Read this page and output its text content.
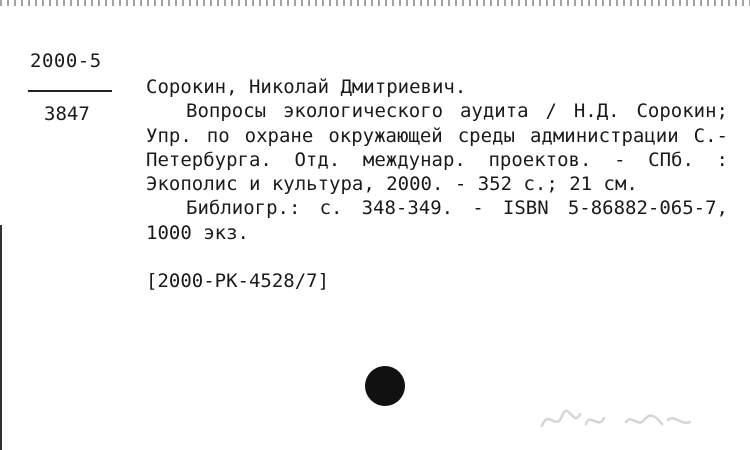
2000-5
3847

Сорокин, Николай Дмитриевич.

Вопросы экологического аудита / Н.Д. Сорокин; Упр. по охране окружающей среды администрации С.-Петербурга. Отд. междунар. проектов. - СПб. : Экополис и культура, 2000. - 352 с.; 21 см.

Библиогр.: с. 348-349. - ISBN 5-86882-065-7, 1000 экз.

[2000-РК-4528/7]
